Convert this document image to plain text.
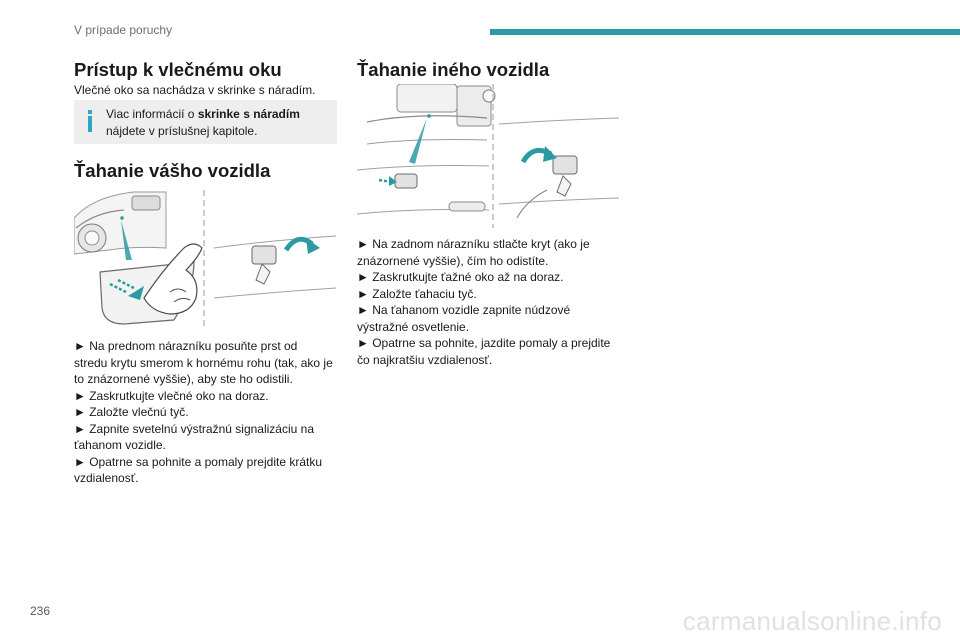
V prípade poruchy
Prístup k vlečnému oku
Vlečné oko sa nachádza v skrinke s náradím.
Viac informácií o skrinke s náradím
nájdete v príslušnej kapitole.
Ťahanie vášho vozidla
► Na prednom nárazníku posuňte prst od
stredu krytu smerom k hornému rohu (tak, ako je
to znázornené vyššie), aby ste ho odistili.
► Zaskrutkujte vlečné oko na doraz.
► Založte vlečnú tyč.
► Zapnite svetelnú výstražnú signalizáciu na
ťahanom vozidle.
► Opatrne sa pohnite a pomaly prejdite krátku
vzdialenosť.
Ťahanie iného vozidla
► Na zadnom nárazníku stlačte kryt (ako je
znázornené vyššie), čím ho odistíte.
► Zaskrutkujte ťažné oko až na doraz.
► Založte ťahaciu tyč.
► Na ťahanom vozidle zapnite núdzové
výstražné osvetlenie.
► Opatrne sa pohnite, jazdite pomaly a prejdite
čo najkratšiu vzdialenosť.
236	carmanualsonline.info
